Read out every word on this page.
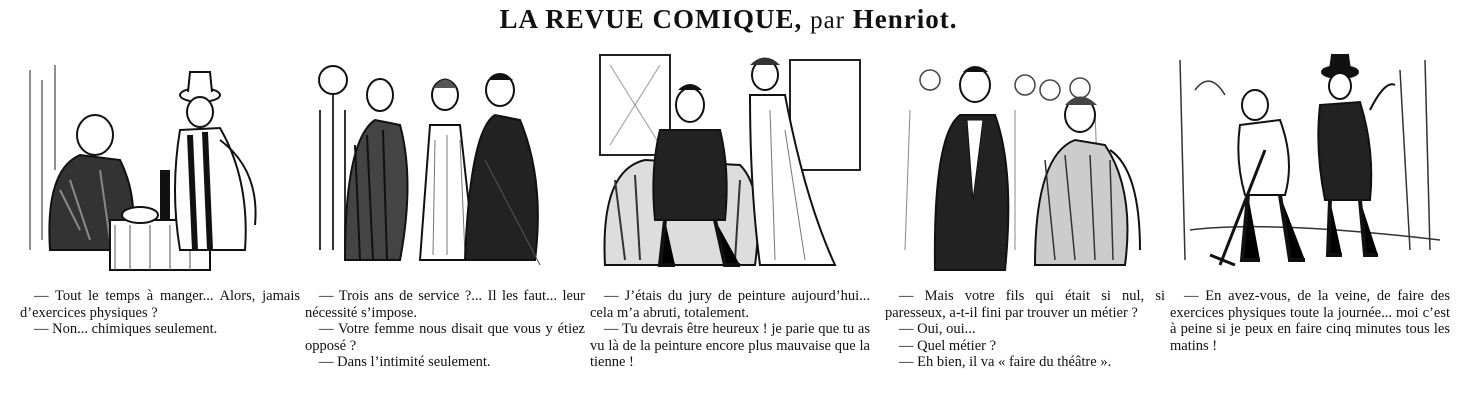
LA REVUE COMIQUE, par Henriot.

— Tout le temps à manger... Alors, jamais d’exercices physiques ?

— Non... chimiques seulement.

— Trois ans de service ?... Il les faut... leur nécessité s’impose.

— Votre femme nous disait que vous y étiez opposé ?

— Dans l’intimité seulement.

— J’étais du jury de peinture aujourd’hui... cela m’a abruti, totalement.

— Tu devrais être heureux ! je parie que tu as vu là de la peinture encore plus mauvaise que la tienne !

— Mais votre fils qui était si nul, si paresseux, a-t-il fini par trouver un métier ?

— Oui, oui...

— Quel métier ?

— Eh bien, il va « faire du théâtre ».

— En avez-vous, de la veine, de faire des exercices physiques toute la journée... moi c’est à peine si je peux en faire cinq minutes tous les matins !
